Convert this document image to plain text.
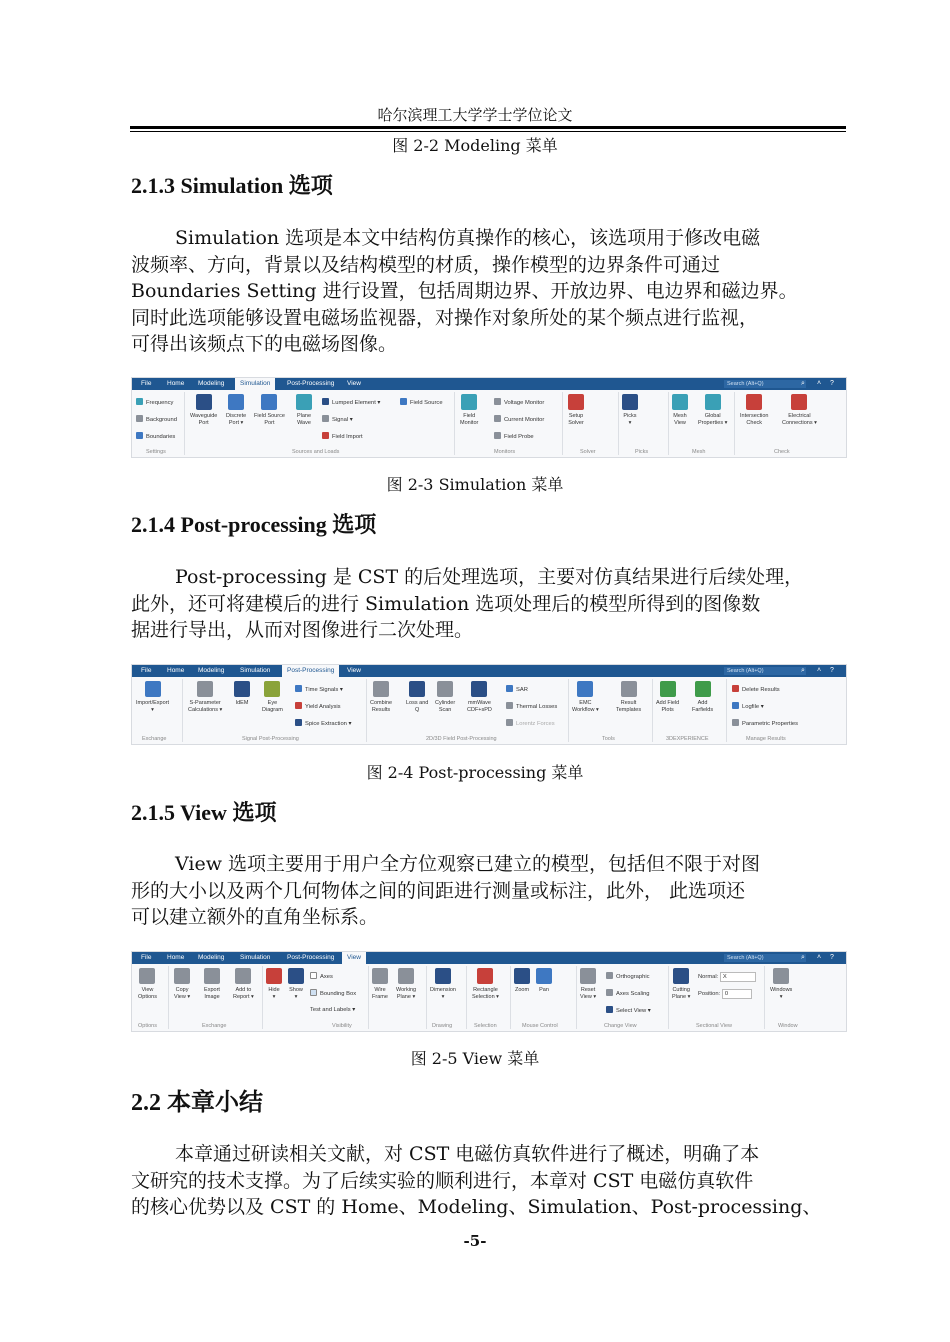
哈尔滨理工大学学士学位论文
图 2-2 Modeling 菜单
2.1.3 Simulation 选项
Simulation 选项是本文中结构仿真操作的核心，该选项用于修改电磁
波频率、方向，背景以及结构模型的材质，操作模型的边界条件可通过
Boundaries Setting 进行设置，包括周期边界、开放边界、电边界和磁边界。
同时此选项能够设置电磁场监视器，对操作对象所处的某个频点进行监视，
可得出该频点下的电磁场图像。
File	Home	Modeling	Simulation	Post-Processing	View	Search (Alt+Q)	⌕	˄	?
Frequency
Background
Boundaries
Waveguide
Port
Discrete
Port ▾
Field Source
Port
Plane
Wave
Lumped Element ▾
Signal ▾
Field Import
Field Source
Field
Monitor
Voltage Monitor
Current Monitor
Field Probe
Setup
Solver
Picks
▾
Mesh
View
Global
Properties ▾
Intersection
Check
Electrical
Connections ▾
Settings	Sources and Loads	Monitors	Solver	Picks	Mesh	Check
图 2-3 Simulation 菜单
2.1.4 Post-processing 选项
Post-processing 是 CST 的后处理选项，主要对仿真结果进行后续处理，
此外，还可将建模后的进行 Simulation 选项处理后的模型所得到的图像数
据进行导出，从而对图像进行二次处理。
File	Home	Modeling	Simulation	Post-Processing	View	Search (Alt+Q)	⌕	˄	?
Import/Export
▾
S-Parameter
Calculations ▾
IdEM	Eye
Diagram
Time Signals ▾
Yield Analysis
Spice Extraction ▾
Combine
Results
Loss and
Q
Cylinder
Scan
mmWave
CDF+sPD
SAR
Thermal Losses
Lorentz Forces
EMC
Workflow ▾
Result
Templates
Add Field
Plots
Add
Farfields
Delete Results
Logfile ▾
Parametric Properties
Exchange	Signal Post-Processing	2D/3D Field Post-Processing	Tools	3DEXPERIENCE	Manage Results
图 2-4 Post-processing 菜单
2.1.5 View 选项
View 选项主要用于用户全方位观察已建立的模型，包括但不限于对图
形的大小以及两个几何物体之间的间距进行测量或标注，此外， 此选项还
可以建立额外的直角坐标系。
File	Home	Modeling	Simulation	Post-Processing	View	Search (Alt+Q)	⌕	˄	?
View
Options
Copy
View ▾
Export
Image
Add to
Report ▾
Hide
▾
Show
▾
Axes
Bounding Box
Test and Labels ▾
Wire
Frame
Working
Plane ▾
Dimension
▾
Rectangle
Selection ▾
Zoom	Pan	Reset
View ▾
Orthographic
Axes Scaling
Select View ▾
Cutting
Plane ▾
Normal: X
Position: 0
Windows
▾
Options	Exchange	Visibility	Drawing	Selection	Mouse Control	Change View	Sectional View	Window
图 2-5 View 菜单
2.2 本章小结
本章通过研读相关文献，对 CST 电磁仿真软件进行了概述，明确了本
文研究的技术支撑。为了后续实验的顺利进行，本章对 CST 电磁仿真软件
的核心优势以及 CST 的 Home、Modeling、Simulation、Post-processing、
-5-
